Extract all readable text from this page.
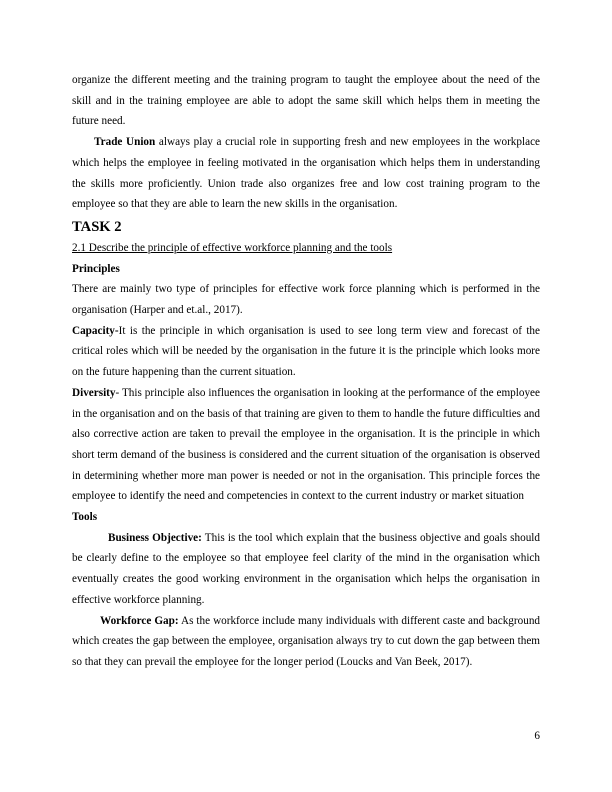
organize the different meeting and the training program to taught the employee about the need of the skill and in the training employee are able to adopt the same skill which helps them in meeting the future need.

Trade Union always play a crucial role in supporting fresh and new employees in the workplace which helps the employee in feeling motivated in the organisation which helps them in understanding the skills more proficiently. Union trade also organizes free and low cost training program to the employee so that they are able to learn the new skills in the organisation.

TASK 2

2.1 Describe the principle of effective workforce planning and the tools

Principles

There are mainly two type of principles for effective work force planning which is performed in the organisation (Harper and et.al., 2017).

Capacity-It is the principle in which organisation is used to see long term view and forecast of the critical roles which will be needed by the organisation in the future it is the principle which looks more on the future happening than the current situation.

Diversity- This principle also influences the organisation in looking at the performance of the employee in the organisation and on the basis of that training are given to them to handle the future difficulties and also corrective action are taken to prevail the employee in the organisation. It is the principle in which short term demand of the business is considered and the current situation of the organisation is observed in determining whether more man power is needed or not in the organisation. This principle forces the employee to identify the need and competencies in context to the current industry or market situation

Tools

Business Objective: This is the tool which explain that the business objective and goals should be clearly define to the employee so that employee feel clarity of the mind in the organisation which eventually creates the good working environment in the organisation which helps the organisation in effective workforce planning.

Workforce Gap: As the workforce include many individuals with different caste and background which creates the gap between the employee, organisation always try to cut down the gap between them so that they can prevail the employee for the longer period (Loucks and Van Beek, 2017).

6
